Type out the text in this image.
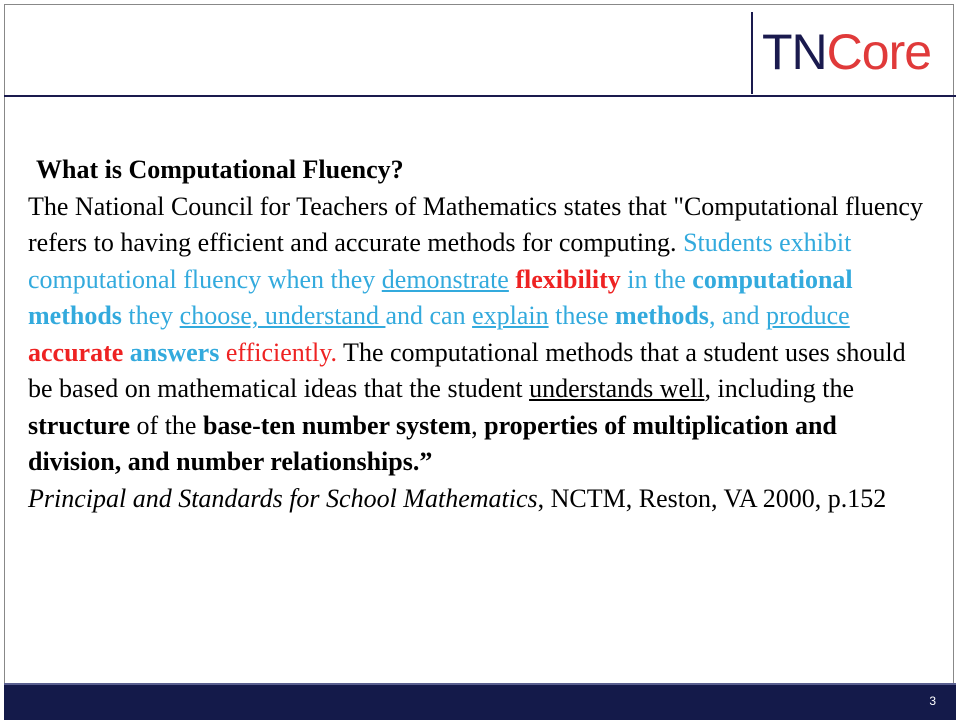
TNCore
What is Computational Fluency?
The National Council for Teachers of Mathematics states that "Computational fluency refers to having efficient and accurate methods for computing. Students exhibit computational fluency when they demonstrate flexibility in the computational methods they choose, understand and can explain these methods, and produce accurate answers efficiently. The computational methods that a student uses should be based on mathematical ideas that the student understands well, including the structure of the base-ten number system, properties of multiplication and division, and number relationships.”
Principal and Standards for School Mathematics, NCTM, Reston, VA 2000, p.152
3
